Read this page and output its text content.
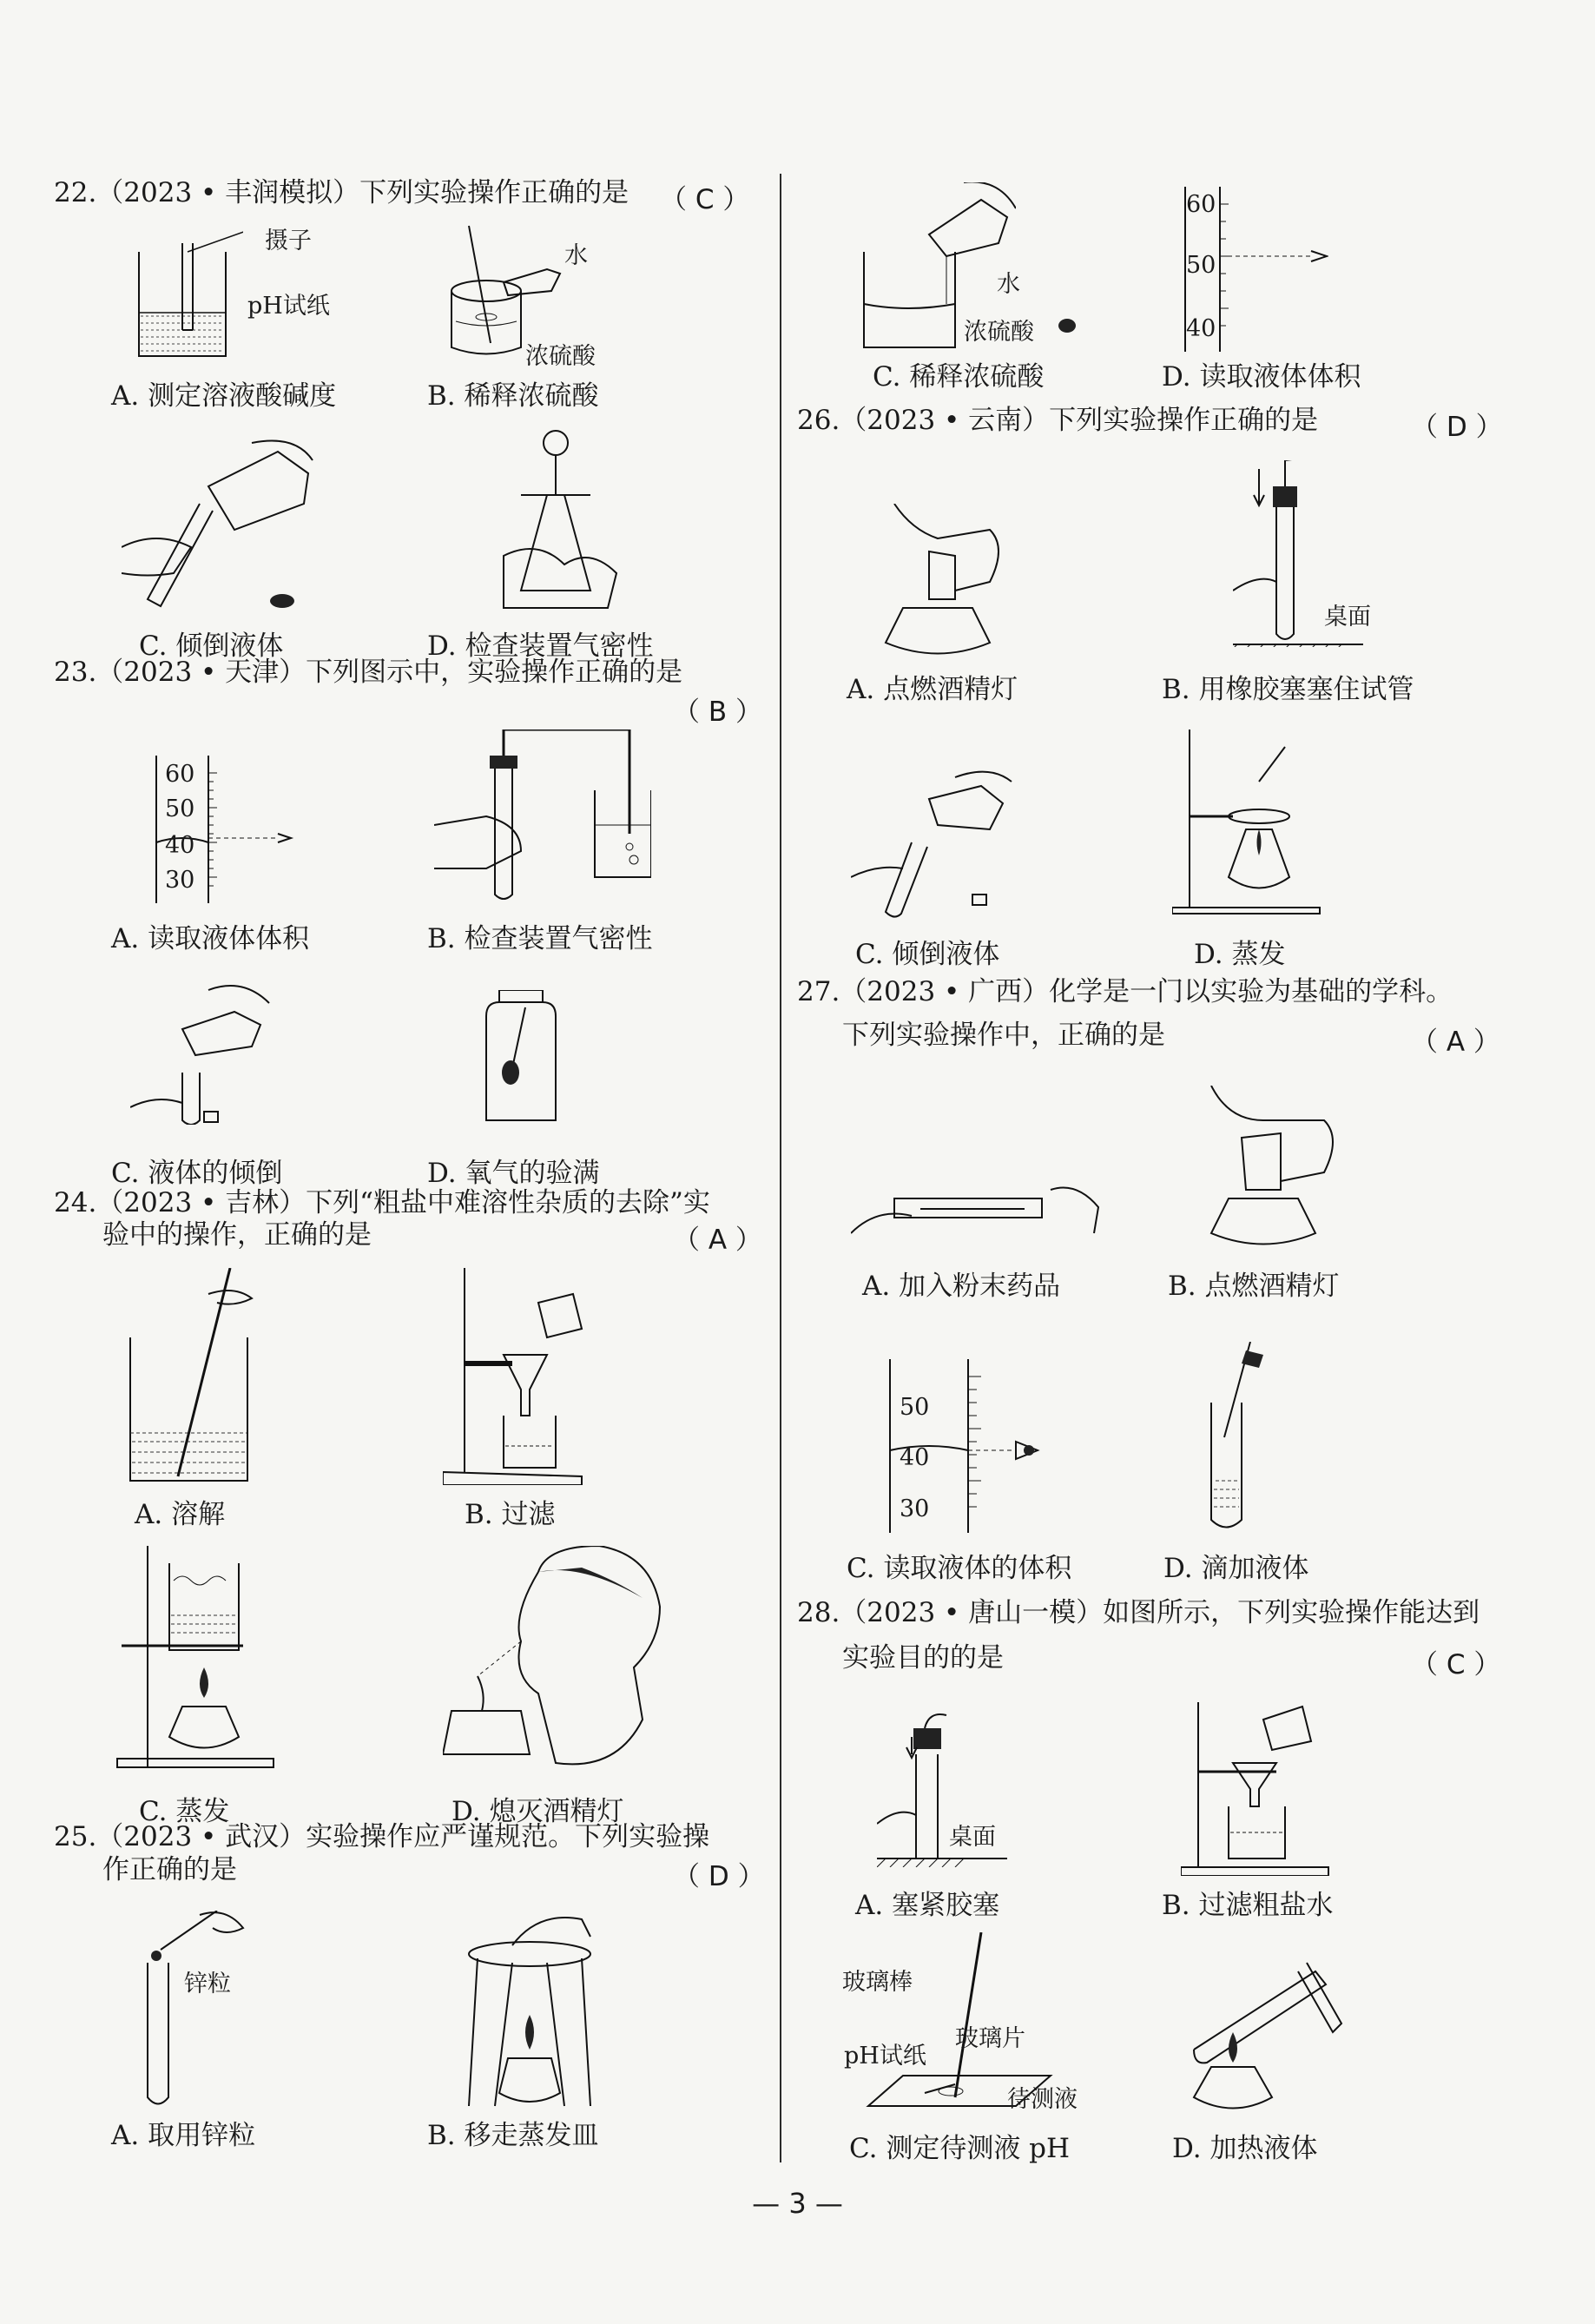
22.（2023 • 丰润模拟）下列实验操作正确的是 （ C ）
摄子
pH试纸
水
浓硫酸
A. 测定溶液酸碱度	B. 稀释浓硫酸
C. 倾倒液体	D. 检查装置气密性
23.（2023 • 天津）下列图示中，实验操作正确的是
（ B ）
60
50
40
30
A. 读取液体体积	B. 检查装置气密性
C. 液体的倾倒	D. 氧气的验满
24.（2023 • 吉林）下列“粗盐中难溶性杂质的去除”实
验中的操作，正确的是	（ A ）
A. 溶解	B. 过滤
C. 蒸发	D. 熄灭酒精灯
25.（2023 • 武汉）实验操作应严谨规范。下列实验操
作正确的是	（ D ）
锌粒
A. 取用锌粒	B. 移走蒸发皿
水
浓硫酸
60
50
40
C. 稀释浓硫酸	D. 读取液体体积
26.（2023 • 云南）下列实验操作正确的是	（ D ）
桌面
A. 点燃酒精灯	B. 用橡胶塞塞住试管
C. 倾倒液体	D. 蒸发
27.（2023 • 广西）化学是一门以实验为基础的学科。
下列实验操作中，正确的是	（ A ）
A. 加入粉末药品	B. 点燃酒精灯
50
40
30
C. 读取液体的体积	D. 滴加液体
28.（2023 • 唐山一模）如图所示，下列实验操作能达到
实验目的的是	（ C ）
桌面
A. 塞紧胶塞	B. 过滤粗盐水
玻璃棒
玻璃片
pH试纸
待测液
C. 测定待测液 pH	D. 加热液体
— 3 —
